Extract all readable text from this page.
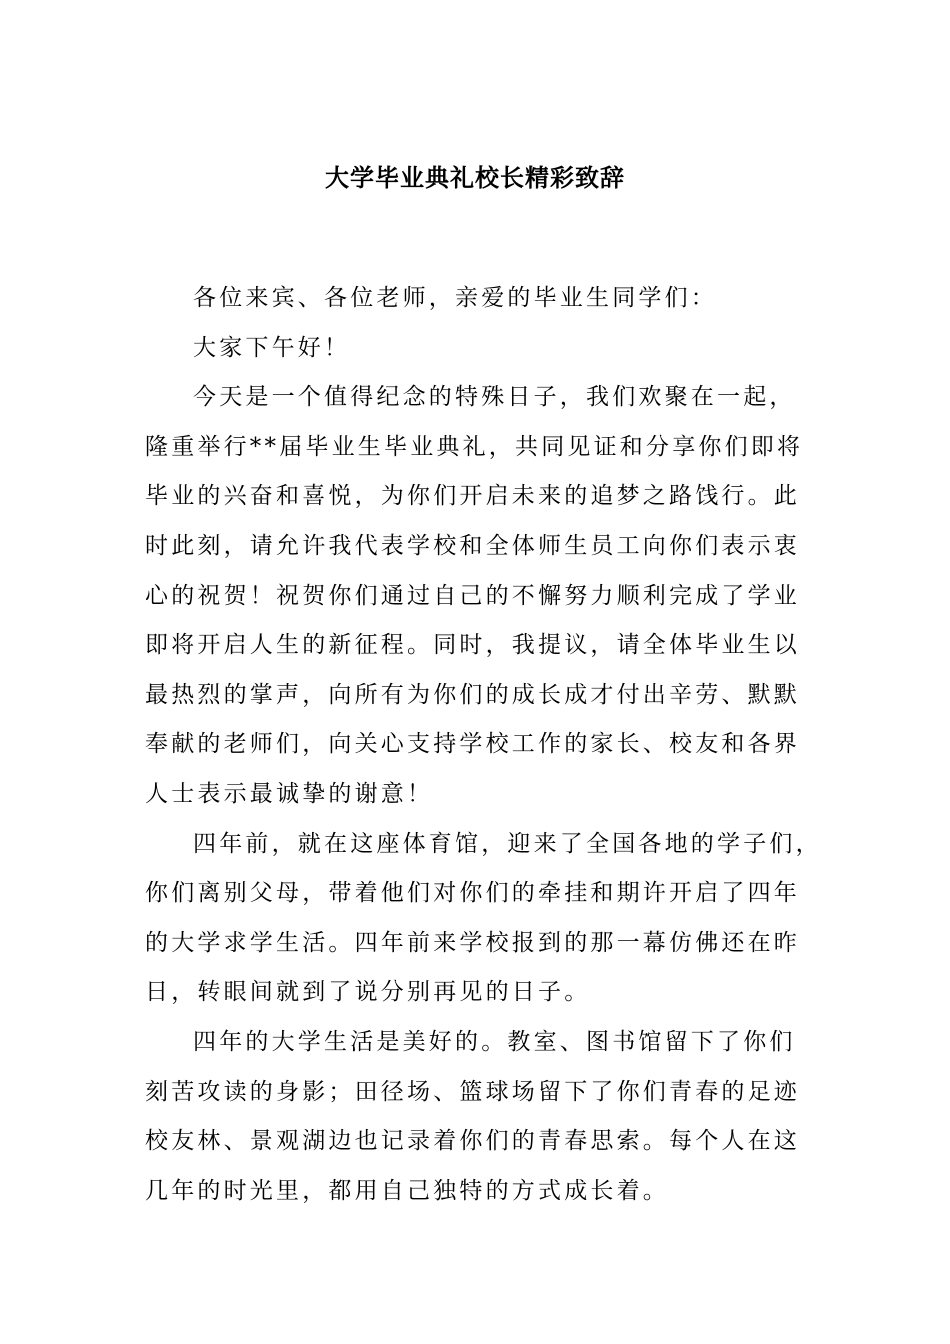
大学毕业典礼校长精彩致辞
各位来宾、各位老师，亲爱的毕业生同学们：
大家下午好！
今天是一个值得纪念的特殊日子，我们欢聚在一起，
隆重举行**届毕业生毕业典礼，共同见证和分享你们即将
毕业的兴奋和喜悦，为你们开启未来的追梦之路饯行。此
时此刻，请允许我代表学校和全体师生员工向你们表示衷
心的祝贺！祝贺你们通过自己的不懈努力顺利完成了学业
即将开启人生的新征程。同时，我提议，请全体毕业生以
最热烈的掌声，向所有为你们的成长成才付出辛劳、默默
奉献的老师们，向关心支持学校工作的家长、校友和各界
人士表示最诚挚的谢意！
四年前，就在这座体育馆，迎来了全国各地的学子们，
你们离别父母，带着他们对你们的牵挂和期许开启了四年
的大学求学生活。四年前来学校报到的那一幕仿佛还在昨
日，转眼间就到了说分别再见的日子。
四年的大学生活是美好的。教室、图书馆留下了你们
刻苦攻读的身影；田径场、篮球场留下了你们青春的足迹
校友林、景观湖边也记录着你们的青春思索。每个人在这
几年的时光里，都用自己独特的方式成长着。
